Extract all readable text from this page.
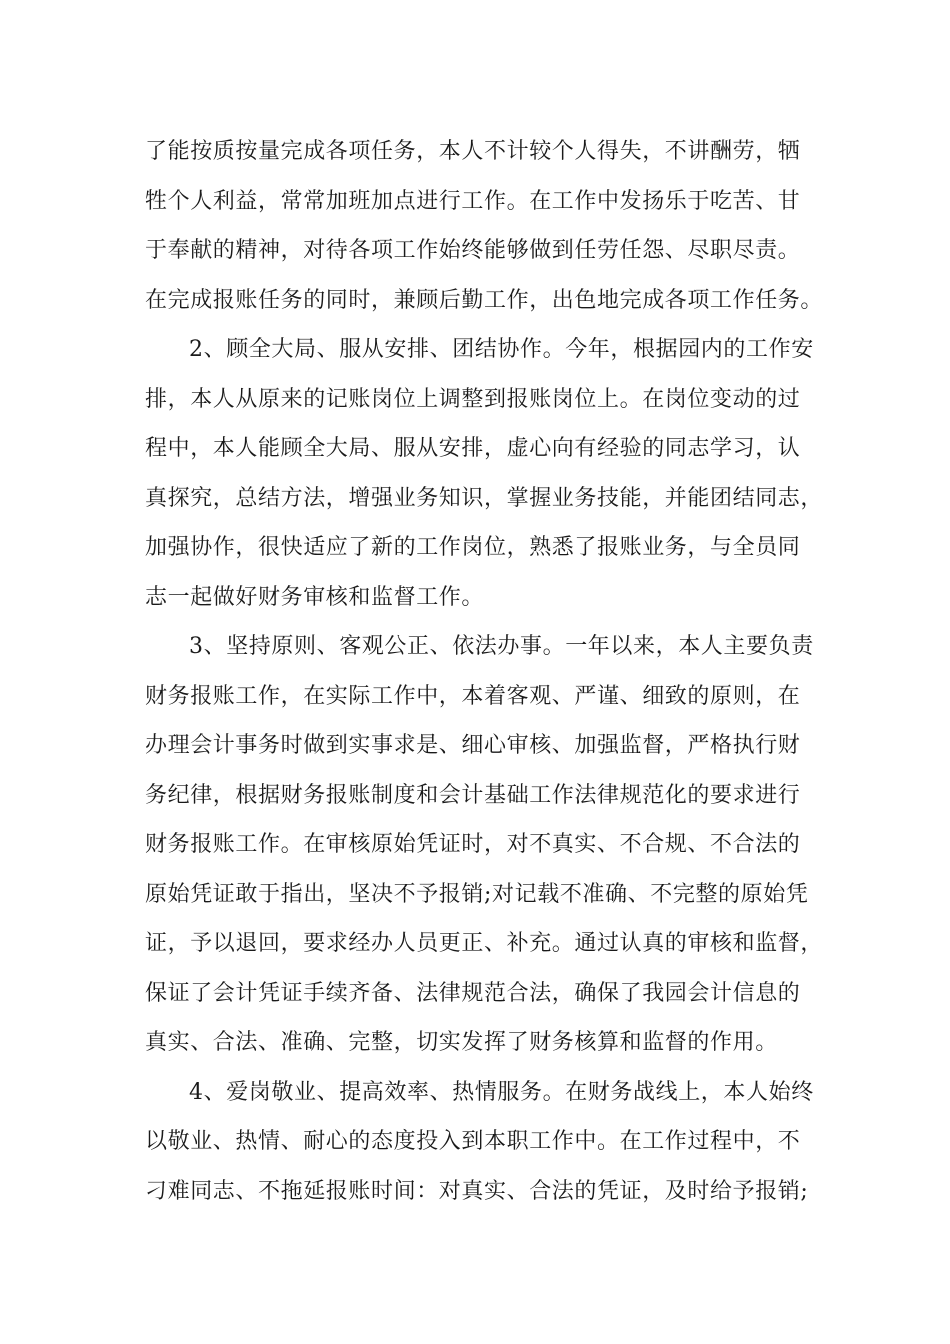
了能按质按量完成各项任务，本人不计较个人得失，不讲酬劳，牺
牲个人利益，常常加班加点进行工作。在工作中发扬乐于吃苦、甘
于奉献的精神，对待各项工作始终能够做到任劳任怨、尽职尽责。
在完成报账任务的同时，兼顾后勤工作，出色地完成各项工作任务。
2、顾全大局、服从安排、团结协作。今年，根据园内的工作安
排，本人从原来的记账岗位上调整到报账岗位上。在岗位变动的过
程中，本人能顾全大局、服从安排，虚心向有经验的同志学习，认
真探究，总结方法，增强业务知识，掌握业务技能，并能团结同志，
加强协作，很快适应了新的工作岗位，熟悉了报账业务，与全员同
志一起做好财务审核和监督工作。
3、坚持原则、客观公正、依法办事。一年以来，本人主要负责
财务报账工作，在实际工作中，本着客观、严谨、细致的原则，在
办理会计事务时做到实事求是、细心审核、加强监督，严格执行财
务纪律，根据财务报账制度和会计基础工作法律规范化的要求进行
财务报账工作。在审核原始凭证时，对不真实、不合规、不合法的
原始凭证敢于指出，坚决不予报销;对记载不准确、不完整的原始凭
证，予以退回，要求经办人员更正、补充。通过认真的审核和监督，
保证了会计凭证手续齐备、法律规范合法，确保了我园会计信息的
真实、合法、准确、完整，切实发挥了财务核算和监督的作用。
4、爱岗敬业、提高效率、热情服务。在财务战线上，本人始终
以敬业、热情、耐心的态度投入到本职工作中。在工作过程中，不
刁难同志、不拖延报账时间：对真实、合法的凭证，及时给予报销;
